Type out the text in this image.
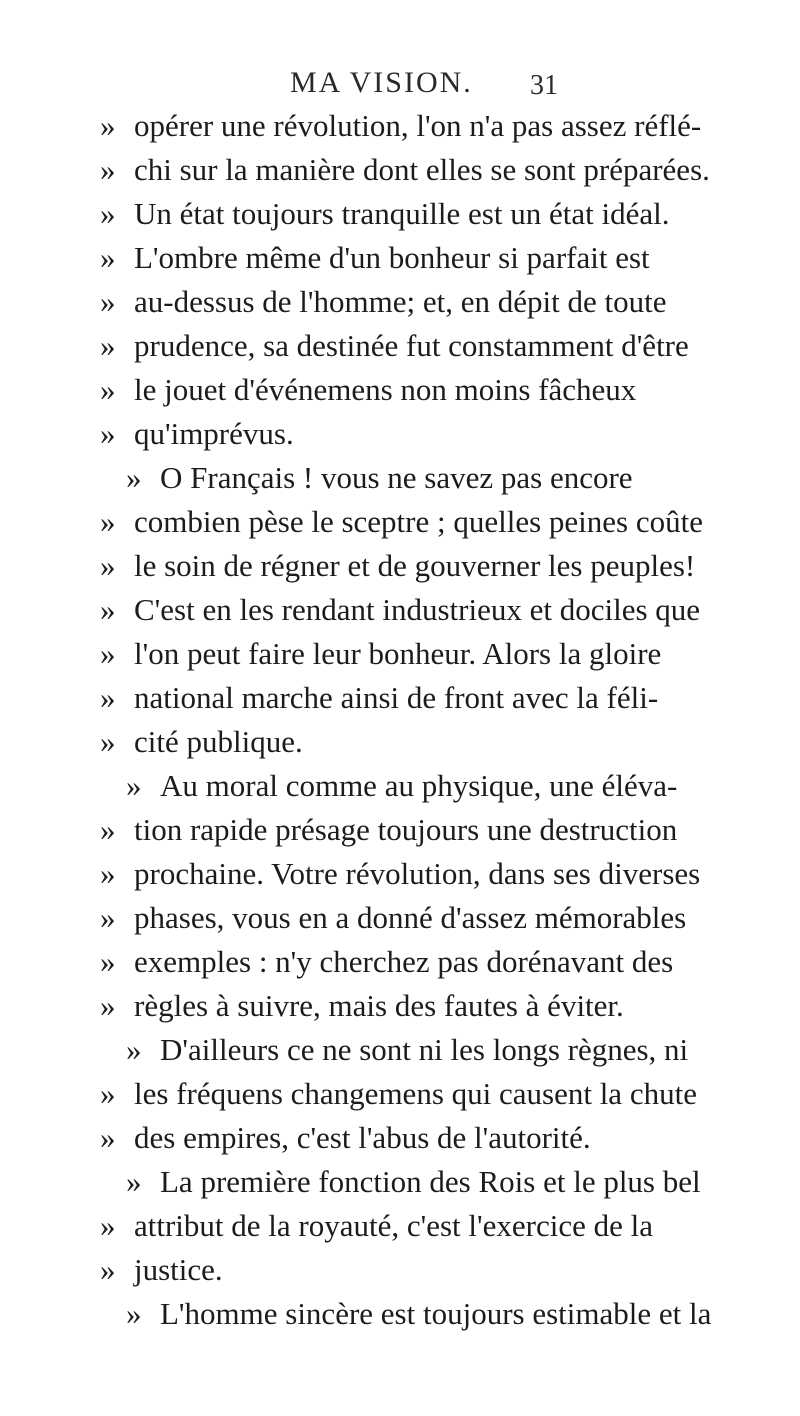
MA VISION. 31
» opérer une révolution, l'on n'a pas assez réflé-
» chi sur la manière dont elles se sont préparées.
» Un état toujours tranquille est un état idéal.
» L'ombre même d'un bonheur si parfait est
» au-dessus de l'homme; et, en dépit de toute
» prudence, sa destinée fut constamment d'être
» le jouet d'événemens non moins fâcheux
» qu'imprévus.
» O Français ! vous ne savez pas encore
» combien pèse le sceptre ; quelles peines coûte
» le soin de régner et de gouverner les peuples!
» C'est en les rendant industrieux et dociles que
» l'on peut faire leur bonheur. Alors la gloire
» national marche ainsi de front avec la féli-
» cité publique.
» Au moral comme au physique, une éléva-
» tion rapide présage toujours une destruction
» prochaine. Votre révolution, dans ses diverses
» phases, vous en a donné d'assez mémorables
» exemples : n'y cherchez pas dorénavant des
» règles à suivre, mais des fautes à éviter.
» D'ailleurs ce ne sont ni les longs règnes, ni
» les fréquens changemens qui causent la chute
» des empires, c'est l'abus de l'autorité.
» La première fonction des Rois et le plus bel
» attribut de la royauté, c'est l'exercice de la
» justice.
» L'homme sincère est toujours estimable et la
